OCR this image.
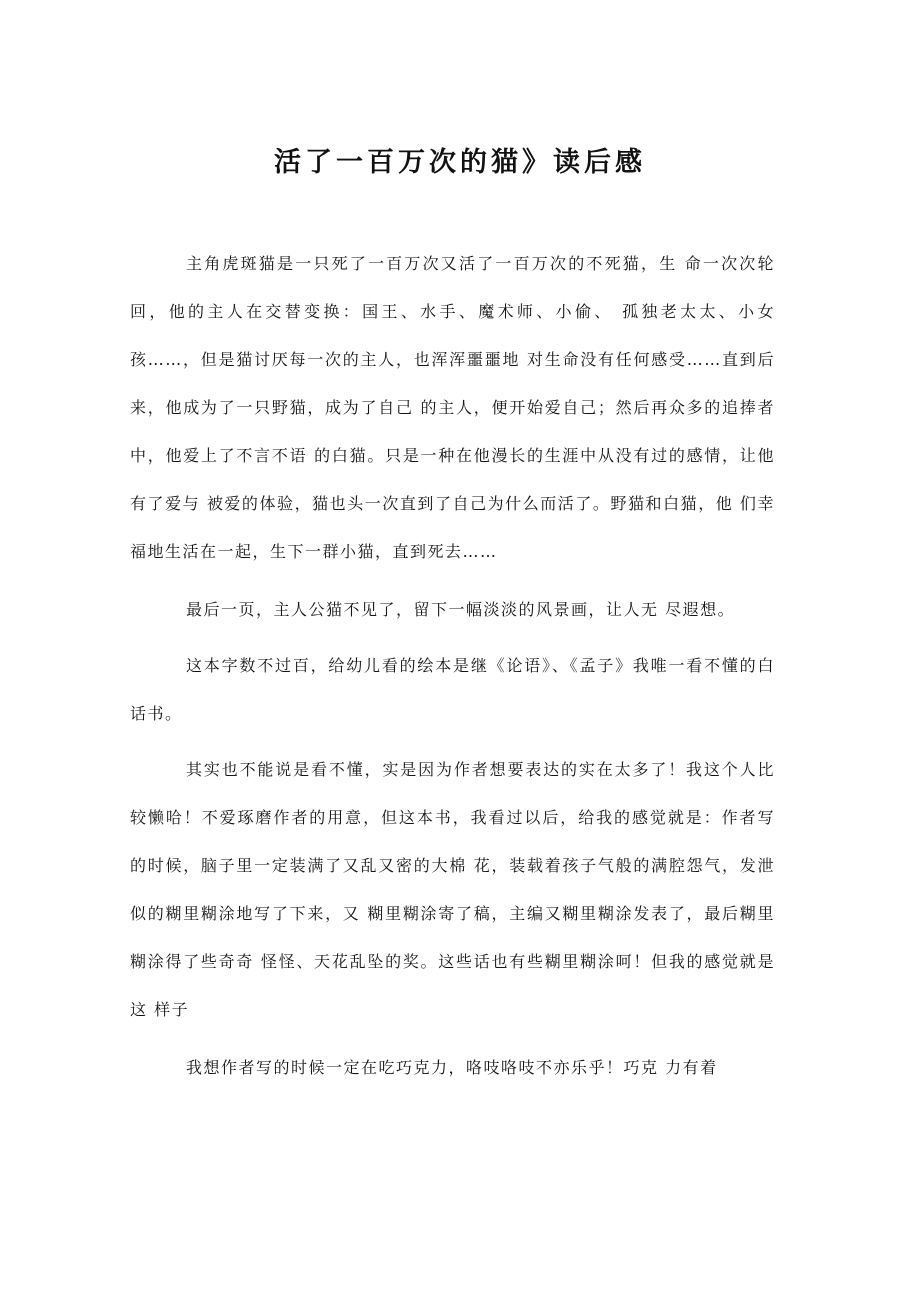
活了一百万次的猫》读后感

主角虎斑猫是一只死了一百万次又活了一百万次的不死猫，生 命一次次轮回，他的主人在交替变换：国王、水手、魔术师、小偷、 孤独老太太、小女孩……，但是猫讨厌每一次的主人，也浑浑噩噩地 对生命没有任何感受……直到后来，他成为了一只野猫，成为了自己 的主人，便开始爱自己；然后再众多的追捧者中，他爱上了不言不语 的白猫。只是一种在他漫长的生涯中从没有过的感情，让他有了爱与 被爱的体验，猫也头一次直到了自己为什么而活了。野猫和白猫，他 们幸福地生活在一起，生下一群小猫，直到死去……

最后一页，主人公猫不见了，留下一幅淡淡的风景画，让人无 尽遐想。

这本字数不过百，给幼儿看的绘本是继《论语》、《孟子》我唯一看不懂的白话书。

其实也不能说是看不懂，实是因为作者想要表达的实在太多了！我这个人比较懒哈！不爱琢磨作者的用意，但这本书，我看过以后，给我的感觉就是：作者写的时候，脑子里一定装满了又乱又密的大棉 花，装载着孩子气般的满腔怨气，发泄似的糊里糊涂地写了下来，又 糊里糊涂寄了稿，主编又糊里糊涂发表了，最后糊里糊涂得了些奇奇 怪怪、天花乱坠的奖。这些话也有些糊里糊涂呵！但我的感觉就是这 样子

我想作者写的时候一定在吃巧克力，咯吱咯吱不亦乐乎！巧克 力有着
